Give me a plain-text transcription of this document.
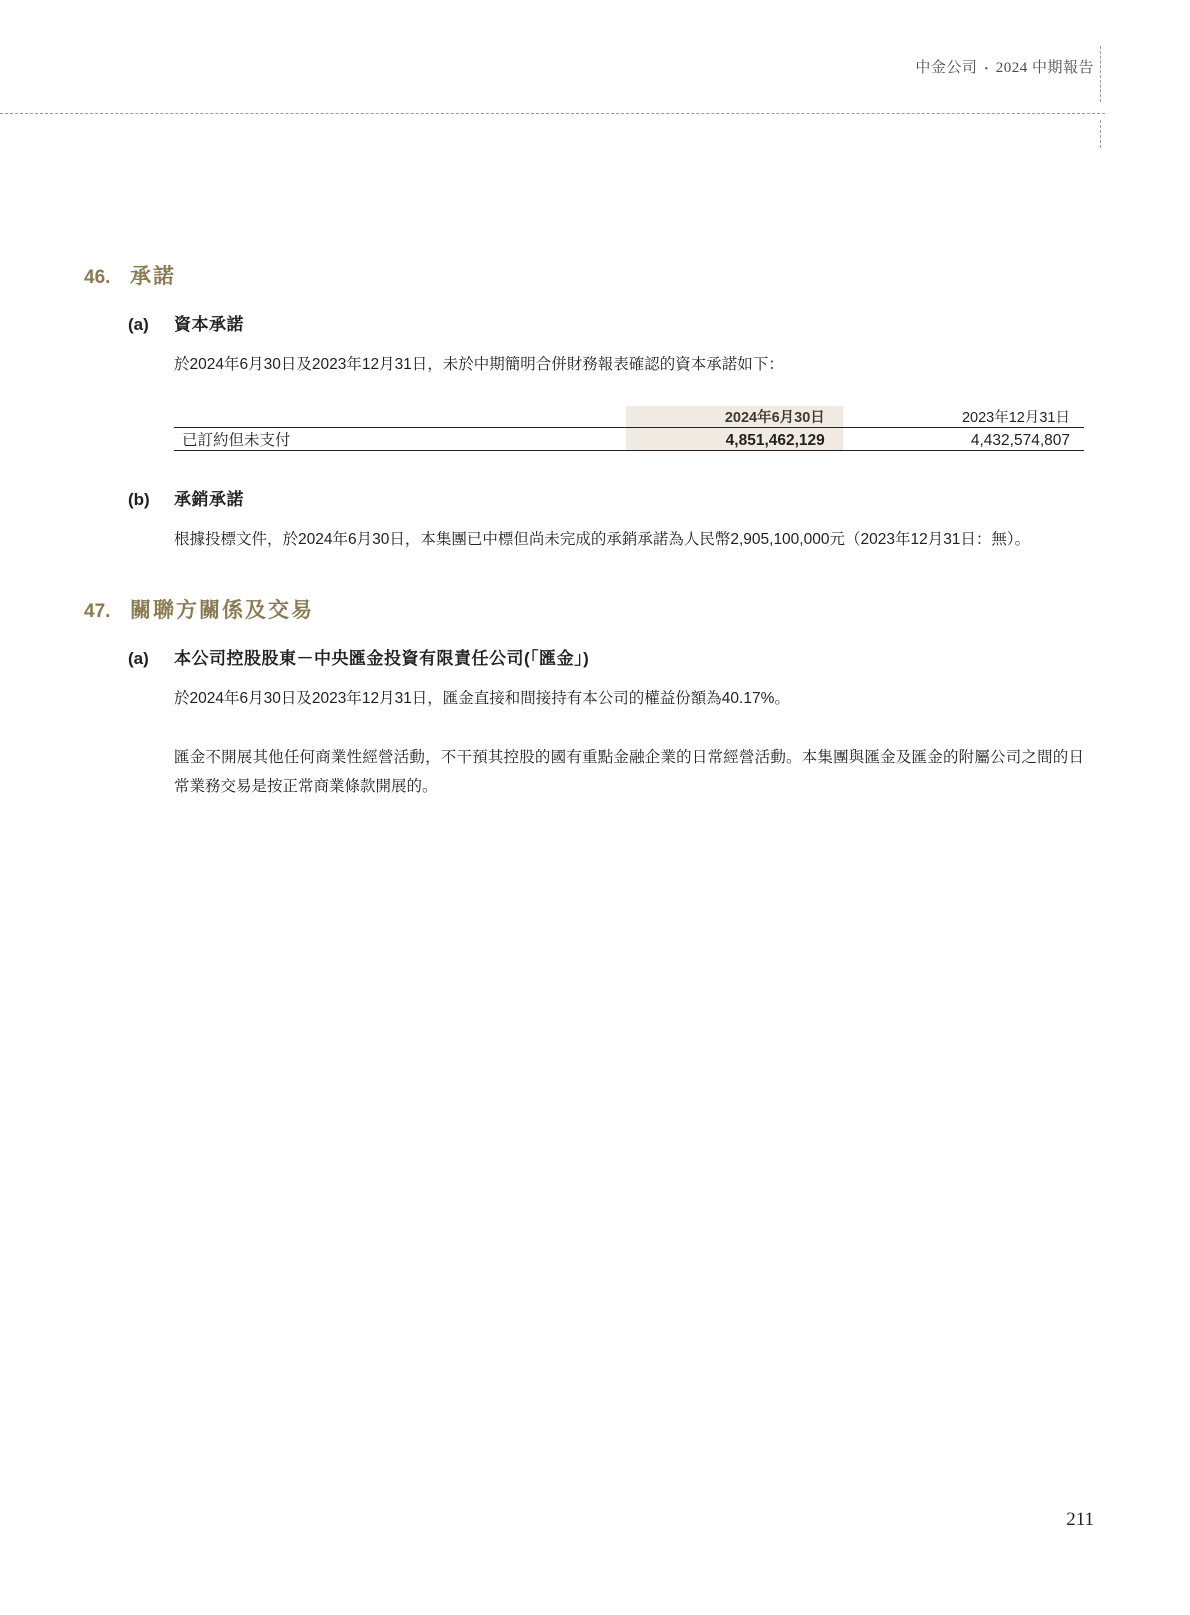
中金公司 • 2024 中期報告
46. 承諾
(a)	資本承諾
於2024年6月30日及2023年12月31日，未於中期簡明合併財務報表確認的資本承諾如下：
	2024年6月30日	2023年12月31日
已訂約但未支付	4,851,462,129	4,432,574,807
(b)	承銷承諾
根據投標文件，於2024年6月30日，本集團已中標但尚未完成的承銷承諾為人民幣2,905,100,000元（2023年12月31日：無）。
47. 關聯方關係及交易
(a)	本公司控股股東－中央匯金投資有限責任公司(「匯金」)
於2024年6月30日及2023年12月31日，匯金直接和間接持有本公司的權益份額為40.17%。
匯金不開展其他任何商業性經營活動，不干預其控股的國有重點金融企業的日常經營活動。本集團與匯金及匯金的附屬公司之間的日常業務交易是按正常商業條款開展的。
211
